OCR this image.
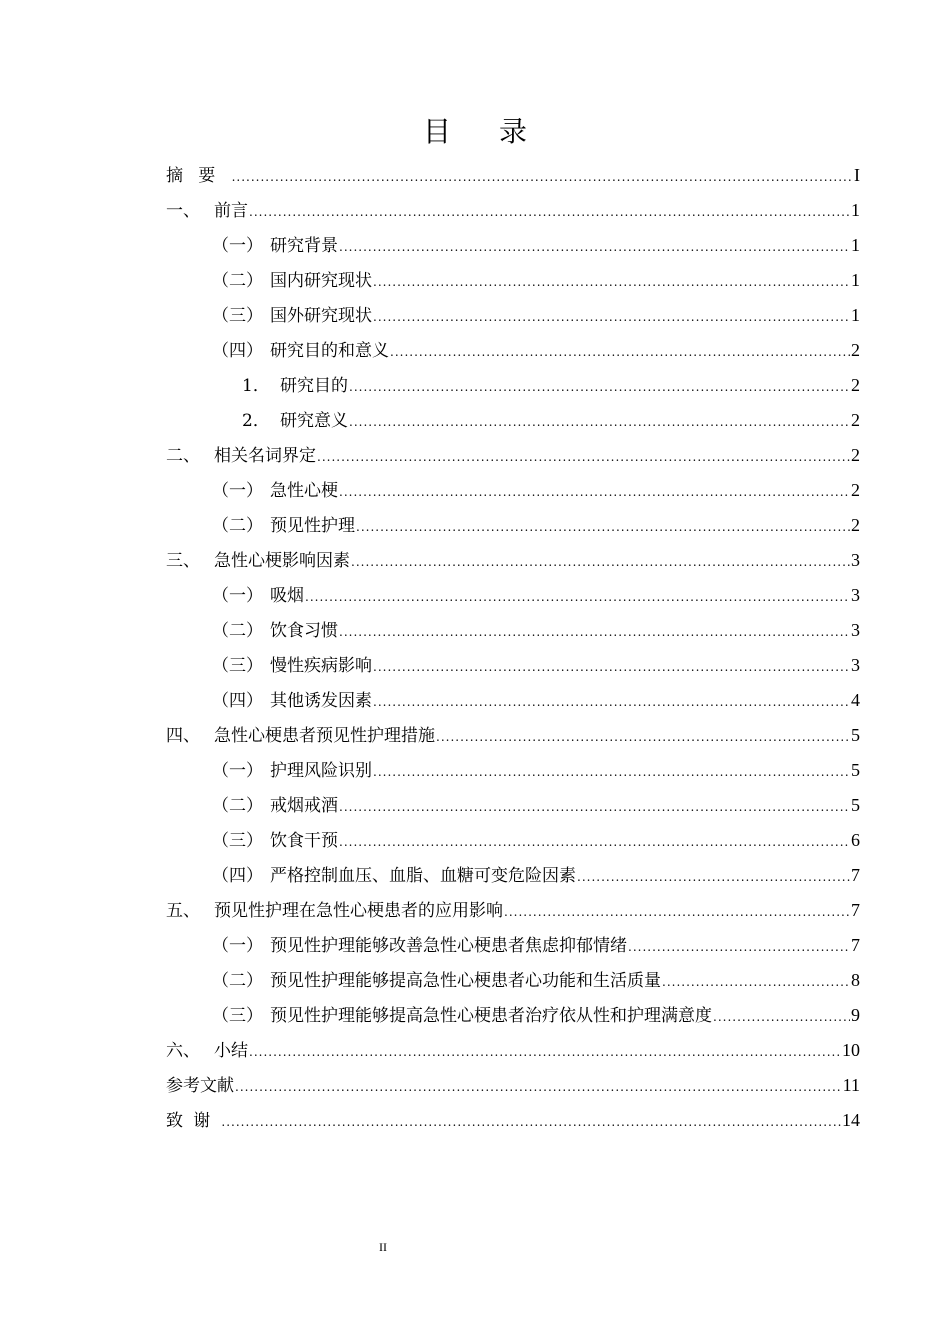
目录
摘要 .....	I
一、 前言 .....	1
（一） 研究背景 .....	1
（二） 国内研究现状 .....	1
（三） 国外研究现状 .....	1
（四） 研究目的和意义 .....	2
1． 研究目的 .....	2
2． 研究意义 .....	2
二、 相关名词界定 .....	2
（一） 急性心梗 .....	2
（二） 预见性护理 .....	2
三、 急性心梗影响因素 .....	3
（一） 吸烟 .....	3
（二） 饮食习惯 .....	3
（三） 慢性疾病影响 .....	3
（四） 其他诱发因素 .....	4
四、 急性心梗患者预见性护理措施 .....	5
（一） 护理风险识别 .....	5
（二） 戒烟戒酒 .....	5
（三） 饮食干预 .....	6
（四） 严格控制血压、血脂、血糖可变危险因素 .....	7
五、 预见性护理在急性心梗患者的应用影响 .....	7
（一） 预见性护理能够改善急性心梗患者焦虑抑郁情绪 .....	7
（二） 预见性护理能够提高急性心梗患者心功能和生活质量 .....	8
（三） 预见性护理能够提高急性心梗患者治疗依从性和护理满意度 .....	9
六、 小结 .....	10
参考文献 .....	11
致谢 .....	14
II
